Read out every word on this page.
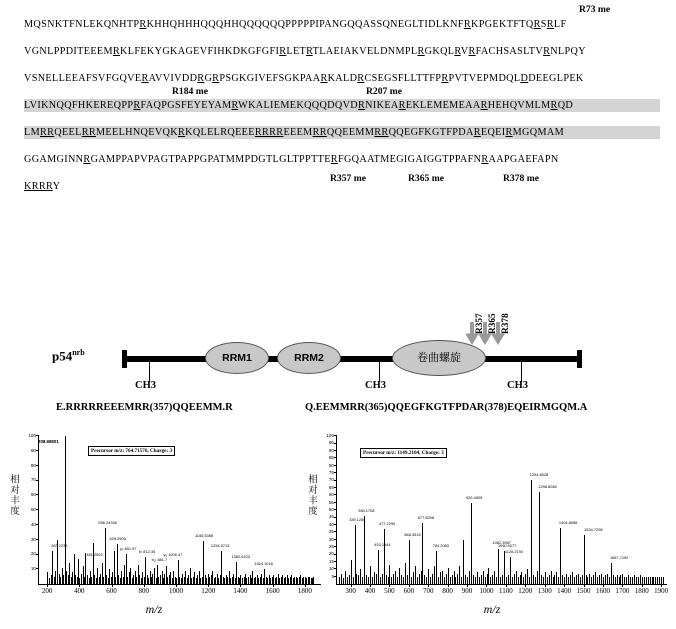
MQSNKTFNLEKQNHTPRKHHQHHHQQQHHQQQQQQPPPPPIPANGQQASSQNEGLTIDLKNFRKPGEKTFTQRSRLF
VGNLPPDITEEEMRKLFEKYGKAGEVFIHKDKGFGFIRLETRTLAEIAKVELDNMPLRGKQLRVRFACHSASLTVRNLPQY
VSNELLEEAFSVFGQVERAVVIVDDRGRPSGKGIVEFSGKPAARKALDRCSEGSFLLTTFPRPVTVEPMDQLDDEEGLPEK
LVIKNQQFHKEREQPPRFAQPGSFEYEYAMRWKALIEMEKQQQDQVDRNIKEAREKLEMEMEAARHEHQVMLMRQD
LMRRQEELRRMEELHNQEVQKRKQLELRQEEERRRREEEMRRQQEEMMRRQQEGFKGTFPDAREQEIRMGQMAM
GGAMGINNRGAMPPAPVPAGTPAPPGPATMMPDGTLGLTPPTTERFGQAATMEGIGAIGGTPPAFNRAAPGAEFAPN
KRRRY
R73 me
R184 me	R207 me
R357 me	R365 me	R378 me
$p54^{nrb}$	RRM1	RRM2	卷曲螺旋
R357 R365 R378
CH3	CH3	CH3
E.RRRRREEEMRR(357)QQEEMM.R	Q.EEMMRR(365)QQEGFKGTFPDAR(378)EQEIRMGQM.A
相对丰度
200	400	600	800	1000	1200	1400	1600	1800
10
20
30
40
50
60
70
80
90
100
556.24335
263.2233
481.2503
625.2508
1155.5368
1254.5713
1382.6323
1524.1018
y₅ 651.97
b₇ 812.35
y₉ 1006.47
b₁₁ 881.7
Precursor m/z: 764.71576, Charge: 3
308.98801
m/z
相对丰度
300	400	500	600	700	800	900	1000 1100 1200 1300 1400 1500 1600 1700 1800 1900
5
10
15
20
25
30
35
40
45
50
55
60
65
70
75
80
85
90
95
100
285.1708
339.1256
477.2290
677.8298
868.3515
453.1844
926.4005
754.2083
1062.3987
1090.5077
1254.8528
1298.8048
1404.8056
1534.7298
1667.7192
1126.2190
Precursor m/z: 1149.2104, Charge: 3
m/z
